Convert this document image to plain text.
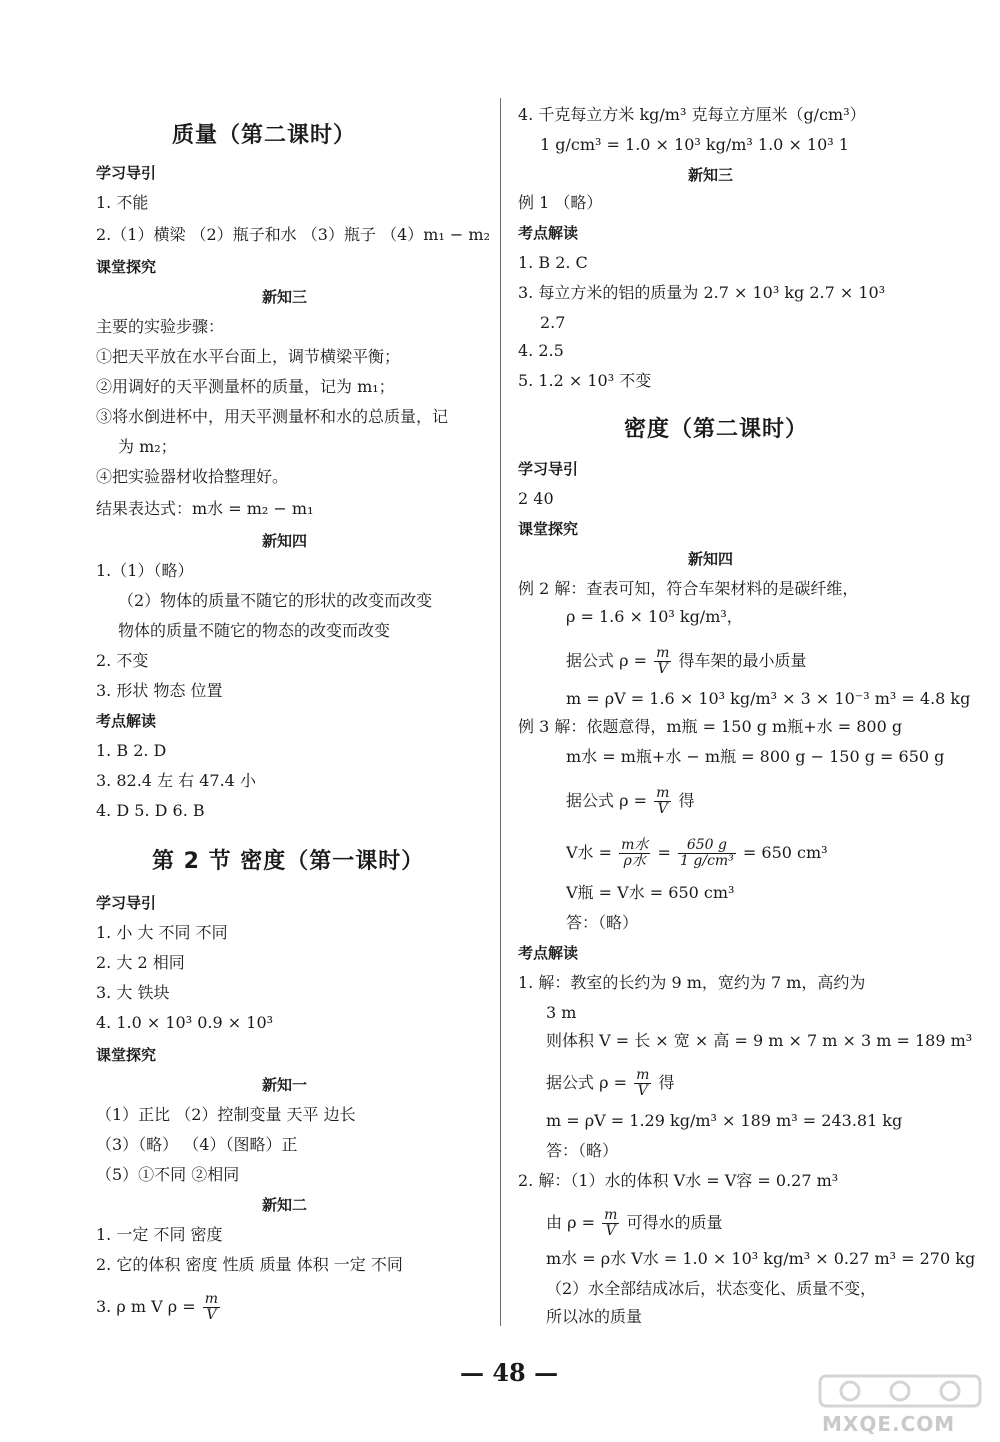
质量（第二课时）
学习导引
1. 不能
2.（1）横梁 （2）瓶子和水 （3）瓶子 （4）m₁ − m₂
课堂探究
新知三
主要的实验步骤：
①把天平放在水平台面上，调节横梁平衡；
②用调好的天平测量杯的质量，记为 m₁；
③将水倒进杯中，用天平测量杯和水的总质量，记
为 m₂；
④把实验器材收拾整理好。
结果表达式：m水 = m₂ − m₁
新知四
1.（1）（略）
（2）物体的质量不随它的形状的改变而改变
物体的质量不随它的物态的改变而改变
2. 不变
3. 形状 物态 位置
考点解读
1. B 2. D
3. 82.4 左 右 47.4 小
4. D 5. D 6. B
第 2 节 密度（第一课时）
学习导引
1. 小 大 不同 不同
2. 大 2 相同
3. 大 铁块
4. 1.0 × 10³ 0.9 × 10³
课堂探究
新知一
（1）正比 （2）控制变量 天平 边长
（3）（略） （4）（图略）正
（5）①不同 ②相同
新知二
1. 一定 不同 密度
2. 它的体积 密度 性质 质量 体积 一定 不同
3. ρ m V $\rho = \frac{m}{V}$
4. 千克每立方米 kg/m³ 克每立方厘米（g/cm³）
1 g/cm³ = 1.0 × 10³ kg/m³ 1.0 × 10³ 1
新知三
例 1 （略）
考点解读
1. B 2. C
3. 每立方米的铝的质量为 2.7 × 10³ kg 2.7 × 10³
2.7
4. 2.5
5. 1.2 × 10³ 不变
密度（第二课时）
学习导引
2 40
课堂探究
新知四
例 2 解：查表可知，符合车架材料的是碳纤维，
ρ = 1.6 × 10³ kg/m³，
据公式 $\rho = \frac{m}{V}$ 得车架的最小质量
m = ρV = 1.6 × 10³ kg/m³ × 3 × 10⁻³ m³ = 4.8 kg
例 3 解：依题意得，m瓶 = 150 g m瓶+水 = 800 g
m水 = m瓶+水 − m瓶 = 800 g − 150 g = 650 g
据公式 $\rho = \frac{m}{V}$ 得
V水 = $\frac{\text{m水}}{\text{ρ水}} = \frac{650 g}{\text{1 g/cm³}} = 650$ cm³
V瓶 = V水 = 650 cm³
答：（略）
考点解读
1. 解：教室的长约为 9 m，宽约为 7 m，高约为
3 m
则体积 V = 长 × 宽 × 高 = 9 m × 7 m × 3 m = 189 m³
据公式 $\rho = \frac{m}{V}$ 得
m = ρV = 1.29 kg/m³ × 189 m³ = 243.81 kg
答：（略）
2. 解：（1）水的体积 V水 = V容 = 0.27 m³
由 $\rho = \frac{m}{V}$ 可得水的质量
m水 = ρ水 V水 = 1.0 × 10³ kg/m³ × 0.27 m³ = 270 kg
（2）水全部结成冰后，状态变化、质量不变，
所以冰的质量
— 48 —
MXQE.COM
